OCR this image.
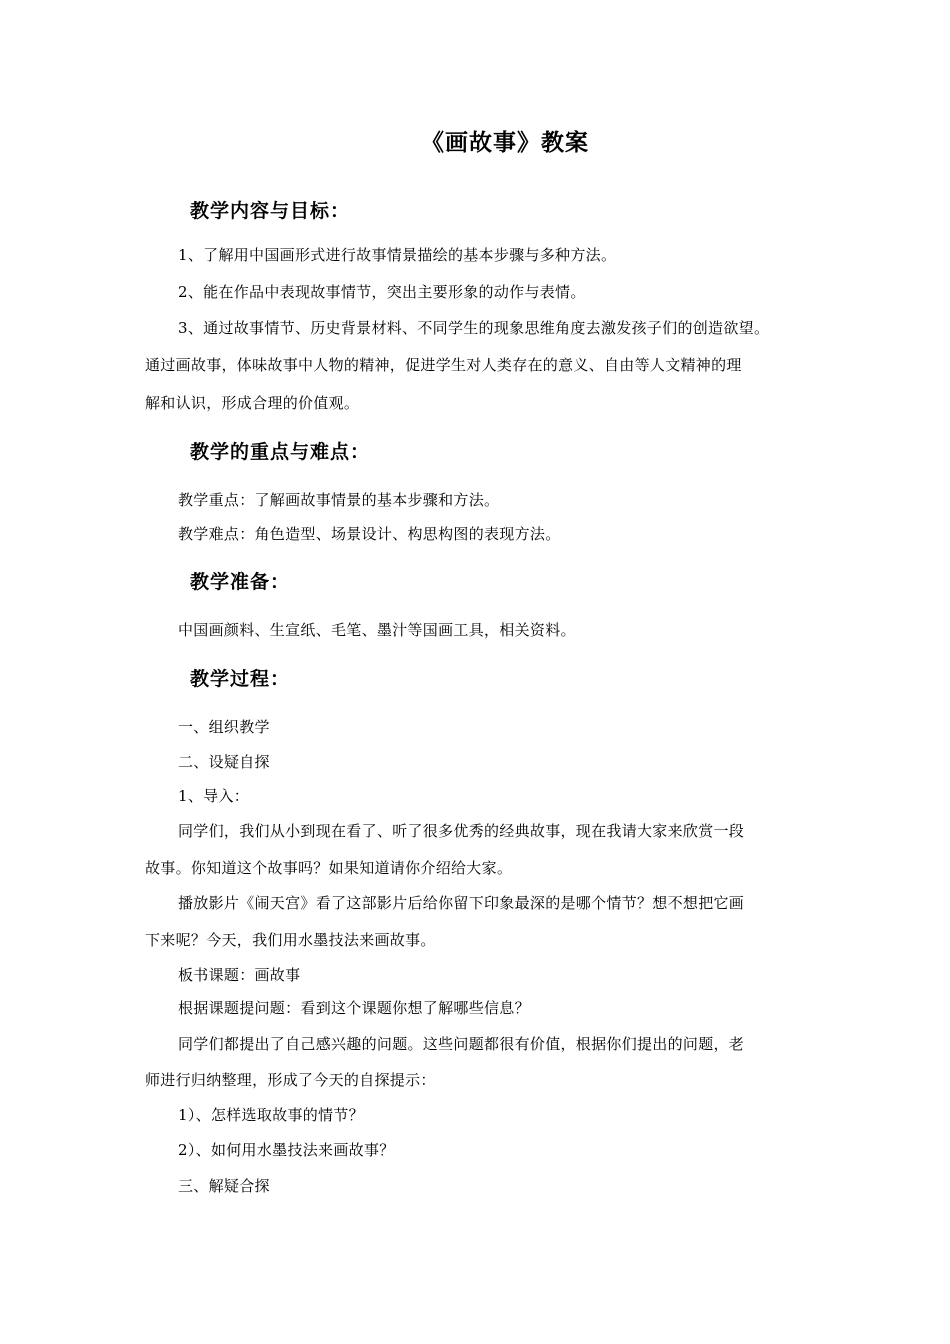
《画故事》教案
教学内容与目标：
1、了解用中国画形式进行故事情景描绘的基本步骤与多种方法。
2、能在作品中表现故事情节，突出主要形象的动作与表情。
3、通过故事情节、历史背景材料、不同学生的现象思维角度去激发孩子们的创造欲望。
通过画故事，体味故事中人物的精神，促进学生对人类存在的意义、自由等人文精神的理
解和认识，形成合理的价值观。
教学的重点与难点：
教学重点：了解画故事情景的基本步骤和方法。
教学难点：角色造型、场景设计、构思构图的表现方法。
教学准备：
中国画颜料、生宣纸、毛笔、墨汁等国画工具，相关资料。
教学过程：
一、组织教学
二、设疑自探
1、导入：
同学们，我们从小到现在看了、听了很多优秀的经典故事，现在我请大家来欣赏一段
故事。你知道这个故事吗？如果知道请你介绍给大家。
播放影片《闹天宫》看了这部影片后给你留下印象最深的是哪个情节？想不想把它画
下来呢？今天，我们用水墨技法来画故事。
板书课题：画故事
根据课题提问题：看到这个课题你想了解哪些信息？
同学们都提出了自己感兴趣的问题。这些问题都很有价值，根据你们提出的问题，老
师进行归纳整理，形成了今天的自探提示：
1）、怎样选取故事的情节？
2）、如何用水墨技法来画故事？
三、解疑合探
